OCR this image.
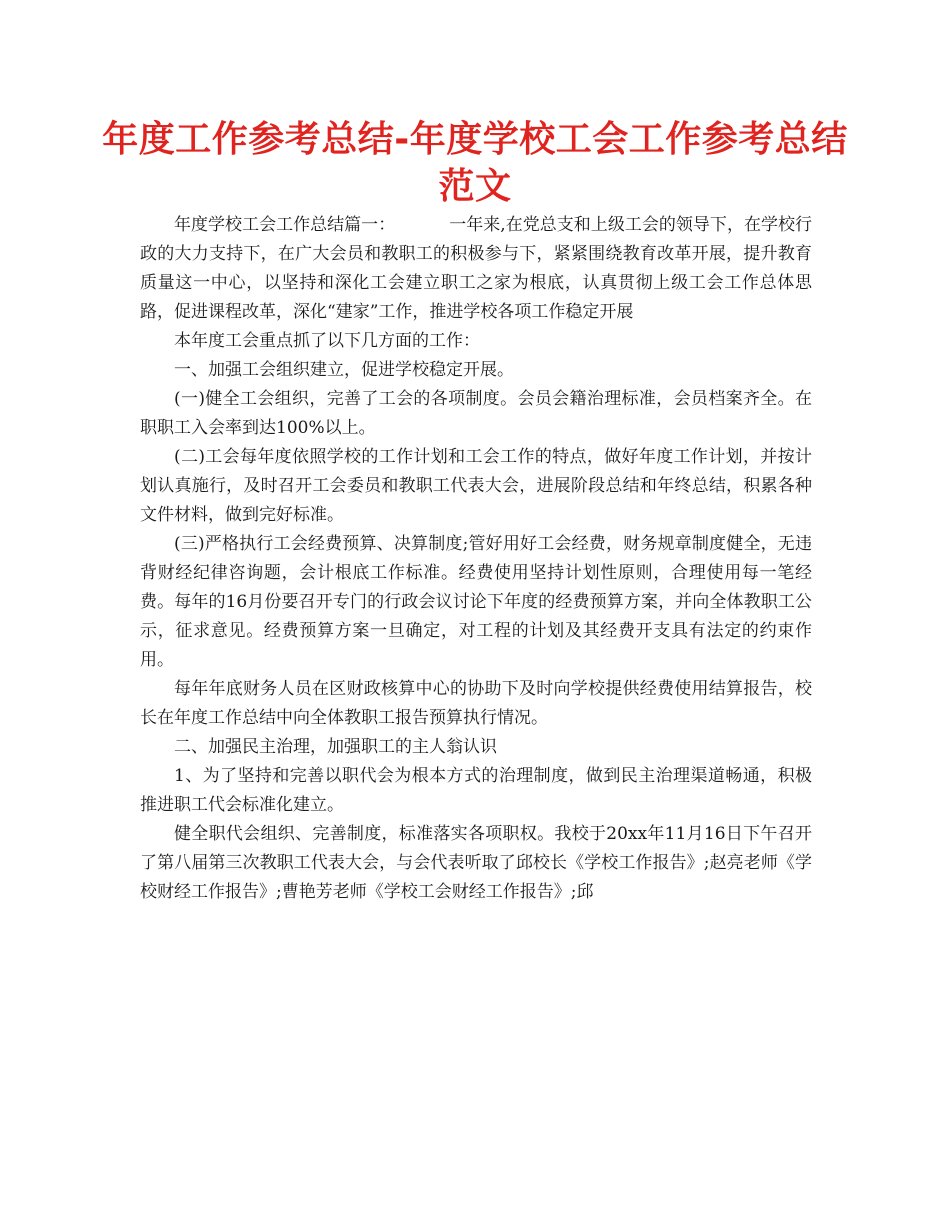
年度工作参考总结-年度学校工会工作参考总结范文

年度学校工会工作总结篇一：	一年来,在党总支和上级工会的领导下，在学校行政的大力支持下，在广大会员和教职工的积极参与下，紧紧围绕教育改革开展，提升教育质量这一中心，以坚持和深化工会建立职工之家为根底，认真贯彻上级工会工作总体思路，促进课程改革，深化“建家”工作，推进学校各项工作稳定开展

本年度工会重点抓了以下几方面的工作：

一、加强工会组织建立，促进学校稳定开展。

(一)健全工会组织，完善了工会的各项制度。会员会籍治理标准，会员档案齐全。在职职工入会率到达100%以上。

(二)工会每年度依照学校的工作计划和工会工作的特点，做好年度工作计划，并按计划认真施行，及时召开工会委员和教职工代表大会，进展阶段总结和年终总结，积累各种文件材料，做到完好标准。

(三)严格执行工会经费预算、决算制度;管好用好工会经费，财务规章制度健全，无违背财经纪律咨询题，会计根底工作标准。经费使用坚持计划性原则，合理使用每一笔经费。每年的16月份要召开专门的行政会议讨论下年度的经费预算方案，并向全体教职工公示，征求意见。经费预算方案一旦确定，对工程的计划及其经费开支具有法定的约束作用。

每年年底财务人员在区财政核算中心的协助下及时向学校提供经费使用结算报告，校长在年度工作总结中向全体教职工报告预算执行情况。

二、加强民主治理，加强职工的主人翁认识

1、为了坚持和完善以职代会为根本方式的治理制度，做到民主治理渠道畅通，积极推进职工代会标准化建立。

健全职代会组织、完善制度，标准落实各项职权。我校于20xx年11月16日下午召开了第八届第三次教职工代表大会，与会代表听取了邱校长《学校工作报告》;赵亮老师《学校财经工作报告》;曹艳芳老师《学校工会财经工作报告》;邱
